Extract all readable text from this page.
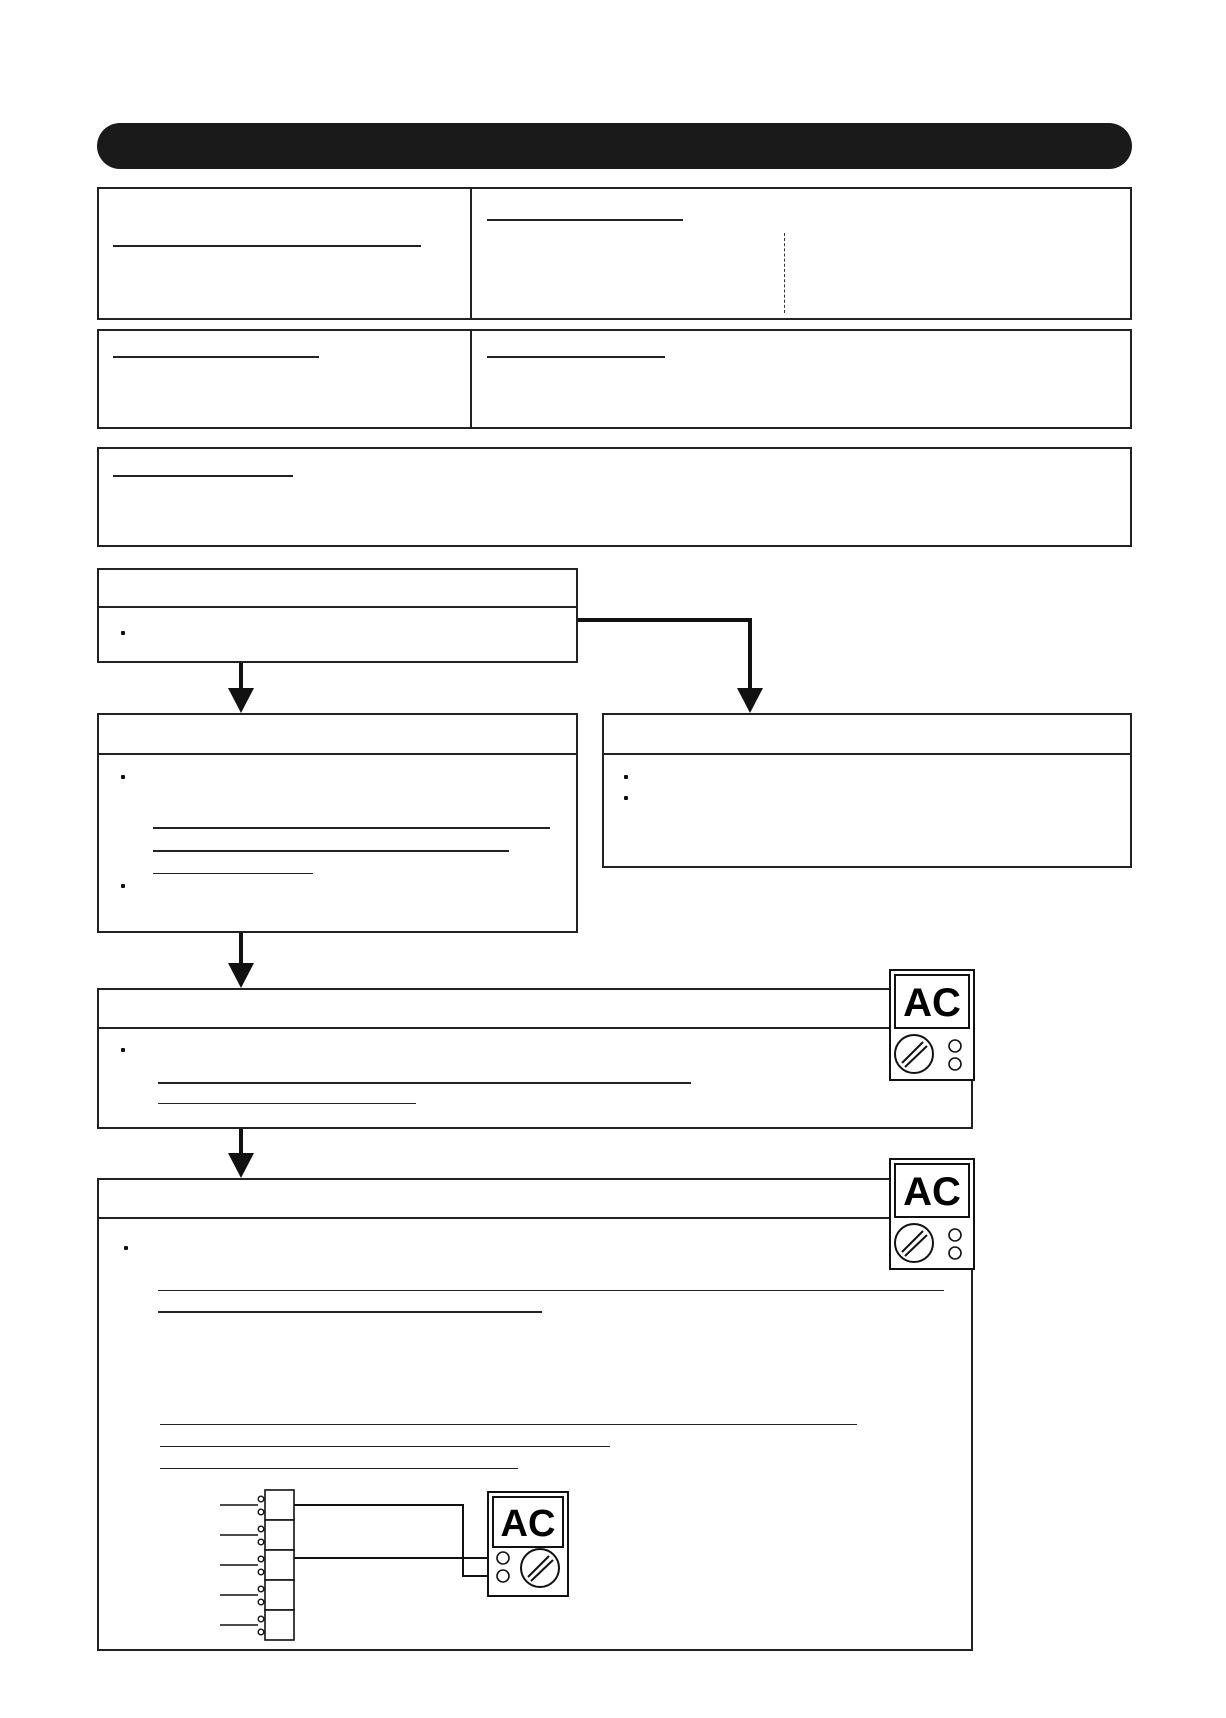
AC
AC
AC
